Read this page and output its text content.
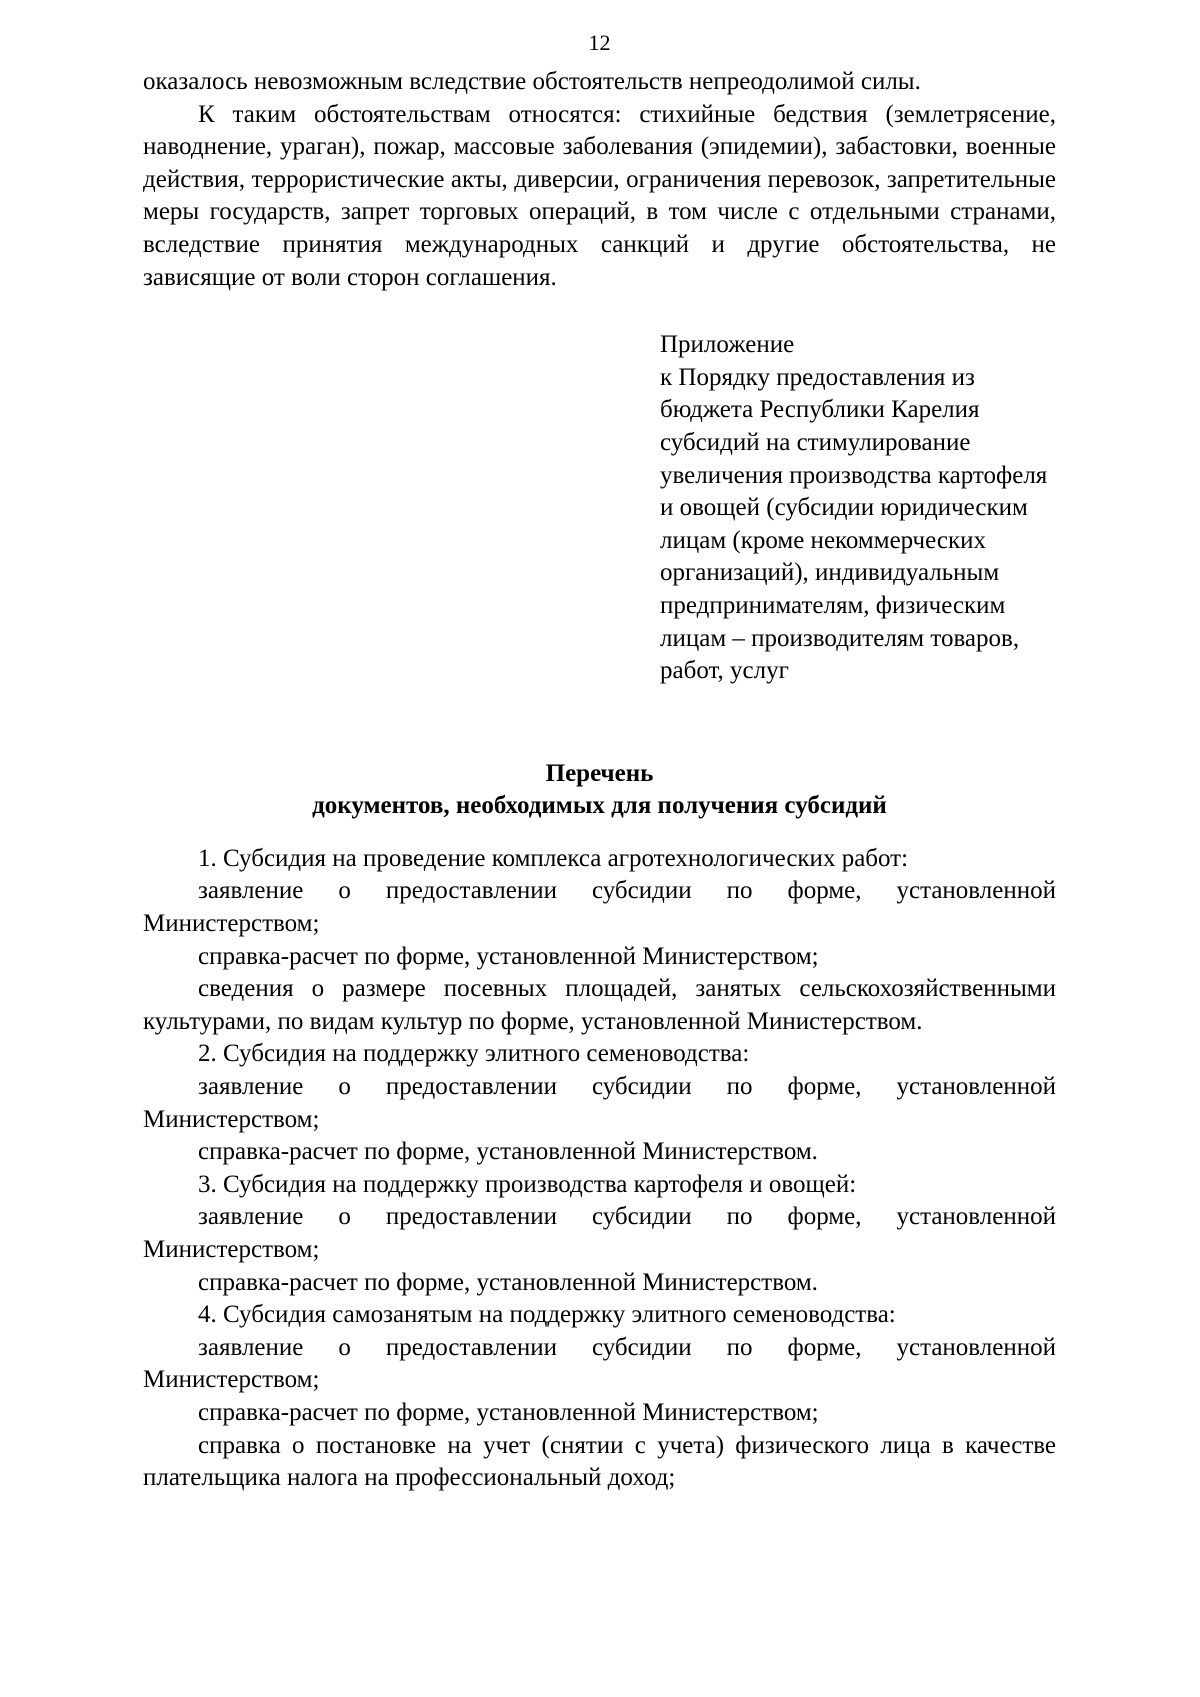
12

оказалось невозможным вследствие обстоятельств непреодолимой силы.

К таким обстоятельствам относятся: стихийные бедствия (землетрясение, наводнение, ураган), пожар, массовые заболевания (эпидемии), забастовки, военные действия, террористические акты, диверсии, ограничения перевозок, запретительные меры государств, запрет торговых операций, в том числе с отдельными странами, вследствие принятия международных санкций и другие обстоятельства, не зависящие от воли сторон соглашения.

Приложение
к Порядку предоставления из
бюджета Республики Карелия
субсидий на стимулирование
увеличения производства картофеля
и овощей (субсидии юридическим
лицам (кроме некоммерческих
организаций), индивидуальным
предпринимателям, физическим
лицам – производителям товаров,
работ, услуг
Перечень
документов, необходимых для получения субсидий

1. Субсидия на проведение комплекса агротехнологических работ:

заявление о предоставлении субсидии по форме, установленной Министерством;

справка-расчет по форме, установленной Министерством;

сведения о размере посевных площадей, занятых сельскохозяйственными культурами, по видам культур по форме, установленной Министерством.

2. Субсидия на поддержку элитного семеноводства:

заявление о предоставлении субсидии по форме, установленной Министерством;

справка-расчет по форме, установленной Министерством.

3. Субсидия на поддержку производства картофеля и овощей:

заявление о предоставлении субсидии по форме, установленной Министерством;

справка-расчет по форме, установленной Министерством.

4. Субсидия самозанятым на поддержку элитного семеноводства:

заявление о предоставлении субсидии по форме, установленной Министерством;

справка-расчет по форме, установленной Министерством;

справка о постановке на учет (снятии с учета) физического лица в качестве плательщика налога на профессиональный доход;
